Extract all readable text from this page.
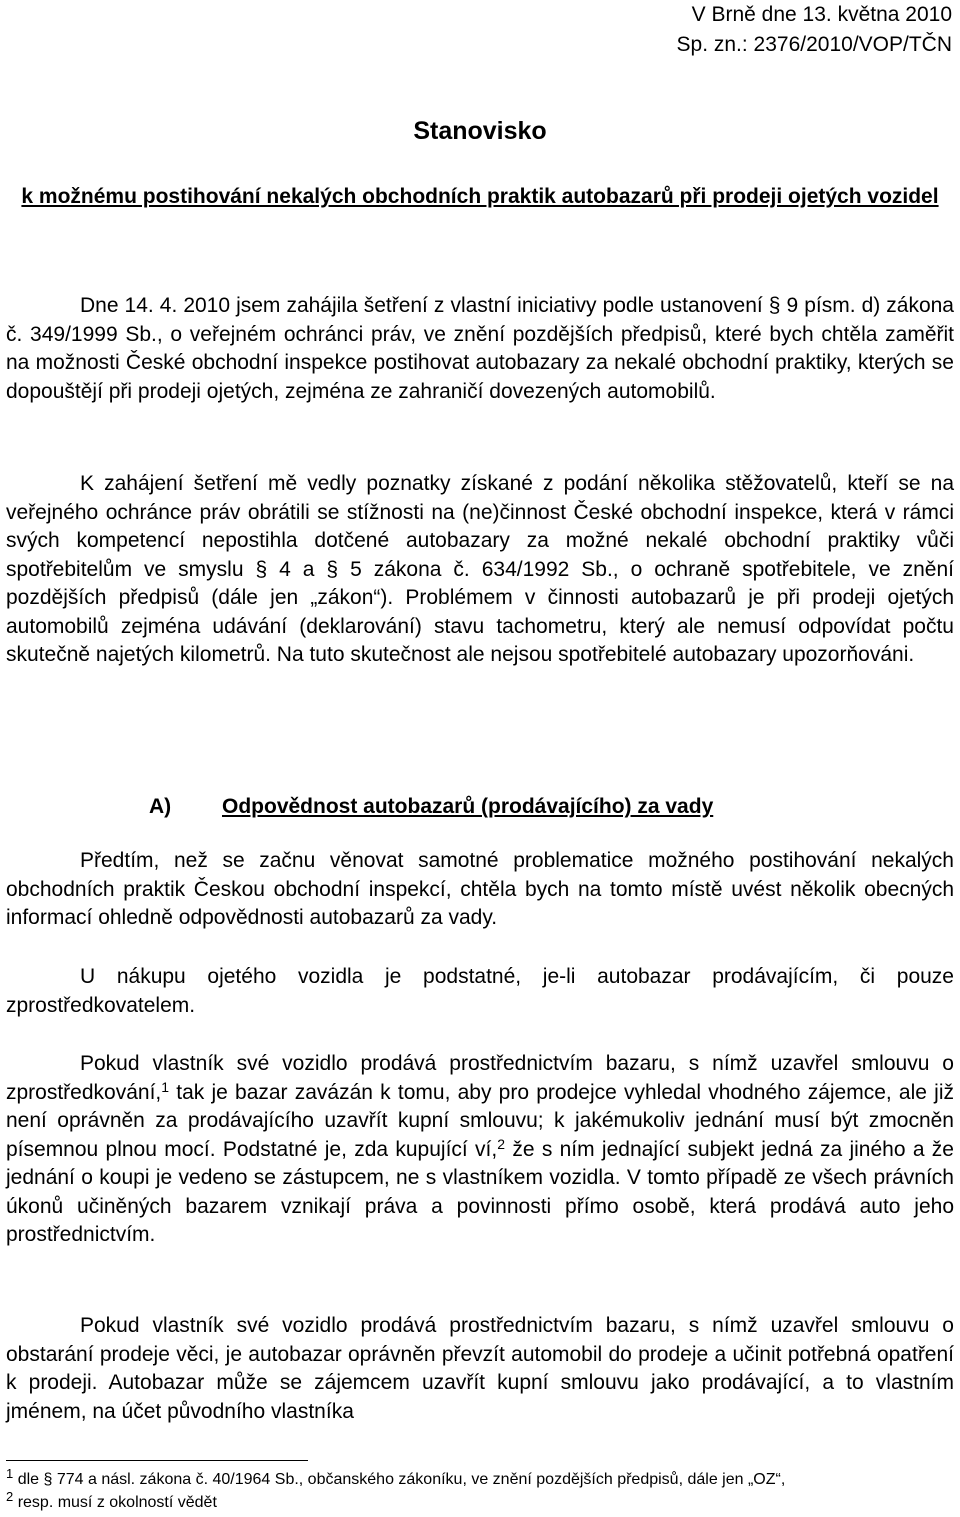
V Brně dne 13. května 2010
Sp. zn.: 2376/2010/VOP/TČN
Stanovisko
k možnému postihování nekalých obchodních praktik autobazarů při prodeji ojetých vozidel
Dne 14. 4. 2010 jsem zahájila šetření z vlastní iniciativy podle ustanovení § 9 písm. d) zákona č. 349/1999 Sb., o veřejném ochránci práv, ve znění pozdějších předpisů, které bych chtěla zaměřit na možnosti České obchodní inspekce postihovat autobazary za nekalé obchodní praktiky, kterých se dopouštějí při prodeji ojetých, zejména ze zahraničí dovezených automobilů.
K zahájení šetření mě vedly poznatky získané z podání několika stěžovatelů, kteří se na veřejného ochránce práv obrátili se stížnosti na (ne)činnost České obchodní inspekce, která v rámci svých kompetencí nepostihla dotčené autobazary za možné nekalé obchodní praktiky vůči spotřebitelům ve smyslu § 4 a § 5 zákona č. 634/1992 Sb., o ochraně spotřebitele, ve znění pozdějších předpisů (dále jen „zákon“). Problémem v činnosti autobazarů je při prodeji ojetých automobilů zejména udávání (deklarování) stavu tachometru, který ale nemusí odpovídat počtu skutečně najetých kilometrů. Na tuto skutečnost ale nejsou spotřebitelé autobazary upozorňováni.
A) Odpovědnost autobazarů (prodávajícího) za vady
Předtím, než se začnu věnovat samotné problematice možného postihování nekalých obchodních praktik Českou obchodní inspekcí, chtěla bych na tomto místě uvést několik obecných informací ohledně odpovědnosti autobazarů za vady.
U nákupu ojetého vozidla je podstatné, je-li autobazar prodávajícím, či pouze zprostředkovatelem.
Pokud vlastník své vozidlo prodává prostřednictvím bazaru, s nímž uzavřel smlouvu o zprostředkování,$^1$ tak je bazar zavázán k tomu, aby pro prodejce vyhledal vhodného zájemce, ale již není oprávněn za prodávajícího uzavřít kupní smlouvu; k jakémukoliv jednání musí být zmocněn písemnou plnou mocí. Podstatné je, zda kupující ví,$^2$ že s ním jednající subjekt jedná za jiného a že jednání o koupi je vedeno se zástupcem, ne s vlastníkem vozidla. V tomto případě ze všech právních úkonů učiněných bazarem vznikají práva a povinnosti přímo osobě, která prodává auto jeho prostřednictvím.
Pokud vlastník své vozidlo prodává prostřednictvím bazaru, s nímž uzavřel smlouvu o obstarání prodeje věci, je autobazar oprávněn převzít automobil do prodeje a učinit potřebná opatření k prodeji. Autobazar může se zájemcem uzavřít kupní smlouvu jako prodávající, a to vlastním jménem, na účet původního vlastníka
$^1$ dle § 774 a násl. zákona č. 40/1964 Sb., občanského zákoníku, ve znění pozdějších předpisů, dále jen „OZ“,
$^2$ resp. musí z okolností vědět
